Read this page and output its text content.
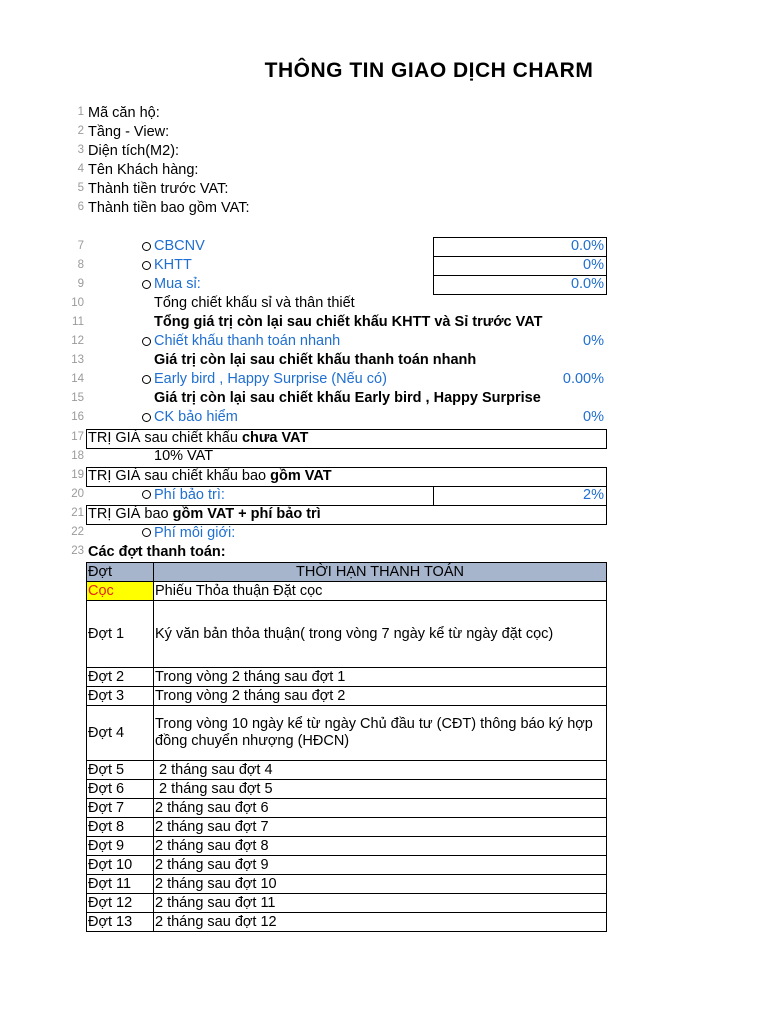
THÔNG TIN GIAO DỊCH CHARM
1 Mã căn hộ:
2 Tầng - View:
3 Diện tích(M2):
4 Tên Khách hàng:
5 Thành tiền trước VAT:
6 Thành tiền bao gồm VAT:
7	CBCNV	0.0%
8	KHTT	0%
9	Mua sỉ:	0.0%
10	Tổng chiết khấu sỉ và thân thiết
11	Tổng giá trị còn lại sau chiết khấu KHTT và Sỉ trước VAT
12	Chiết khấu thanh toán nhanh	0%
13	Giá trị còn lại sau chiết khấu thanh toán nhanh
14	Early bird , Happy Surprise (Nếu có)	0.00%
15	Giá trị còn lại sau chiết khấu Early bird , Happy Surprise
16	CK bảo hiểm	0%
17 TRỊ GIÁ sau chiết khấu chưa VAT
18	10% VAT
19 TRỊ GIÁ sau chiết khấu bao gồm VAT
20	Phí bảo trì:	2%
21 TRỊ GIÁ bao gồm VAT + phí bảo trì
22	Phí môi giới:
23 Các đợt thanh toán:
Đợt	THỜI HẠN THANH TOÁN
Cọc	Phiếu Thỏa thuận Đặt cọc
Đợt 1	Ký văn bản thỏa thuận( trong vòng 7 ngày kể từ ngày đặt cọc)
Đợt 2	Trong vòng 2 tháng sau đợt 1
Đợt 3	Trong vòng 2 tháng sau đợt 2
Đợt 4	Trong vòng 10 ngày kể từ ngày Chủ đầu tư (CĐT) thông báo ký hợp đồng chuyển nhượng (HĐCN)
Đợt 5	2 tháng sau đợt 4
Đợt 6	2 tháng sau đợt 5
Đợt 7	2 tháng sau đợt 6
Đợt 8	2 tháng sau đợt 7
Đợt 9	2 tháng sau đợt 8
Đợt 10	2 tháng sau đợt 9
Đợt 11	2 tháng sau đợt 10
Đợt 12	2 tháng sau đợt 11
Đợt 13	2 tháng sau đợt 12
